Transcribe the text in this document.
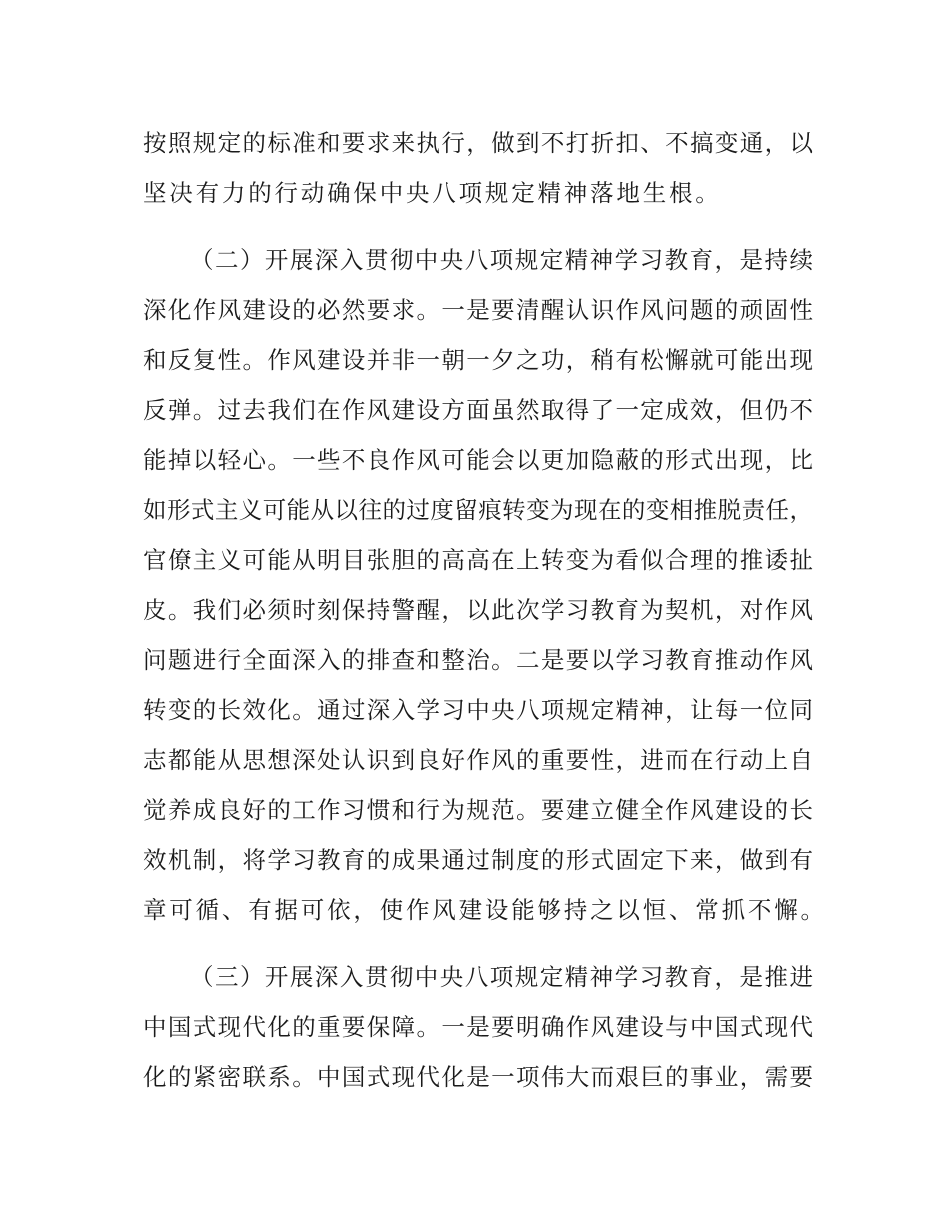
按照规定的标准和要求来执行，做到不打折扣、不搞变通，以
坚决有力的行动确保中央八项规定精神落地生根。
（二）开展深入贯彻中央八项规定精神学习教育，是持续
深化作风建设的必然要求。一是要清醒认识作风问题的顽固性
和反复性。作风建设并非一朝一夕之功，稍有松懈就可能出现
反弹。过去我们在作风建设方面虽然取得了一定成效，但仍不
能掉以轻心。一些不良作风可能会以更加隐蔽的形式出现，比
如形式主义可能从以往的过度留痕转变为现在的变相推脱责任，
官僚主义可能从明目张胆的高高在上转变为看似合理的推诿扯
皮。我们必须时刻保持警醒，以此次学习教育为契机，对作风
问题进行全面深入的排查和整治。二是要以学习教育推动作风
转变的长效化。通过深入学习中央八项规定精神，让每一位同
志都能从思想深处认识到良好作风的重要性，进而在行动上自
觉养成良好的工作习惯和行为规范。要建立健全作风建设的长
效机制，将学习教育的成果通过制度的形式固定下来，做到有
章可循、有据可依，使作风建设能够持之以恒、常抓不懈。
（三）开展深入贯彻中央八项规定精神学习教育，是推进
中国式现代化的重要保障。一是要明确作风建设与中国式现代
化的紧密联系。中国式现代化是一项伟大而艰巨的事业，需要
